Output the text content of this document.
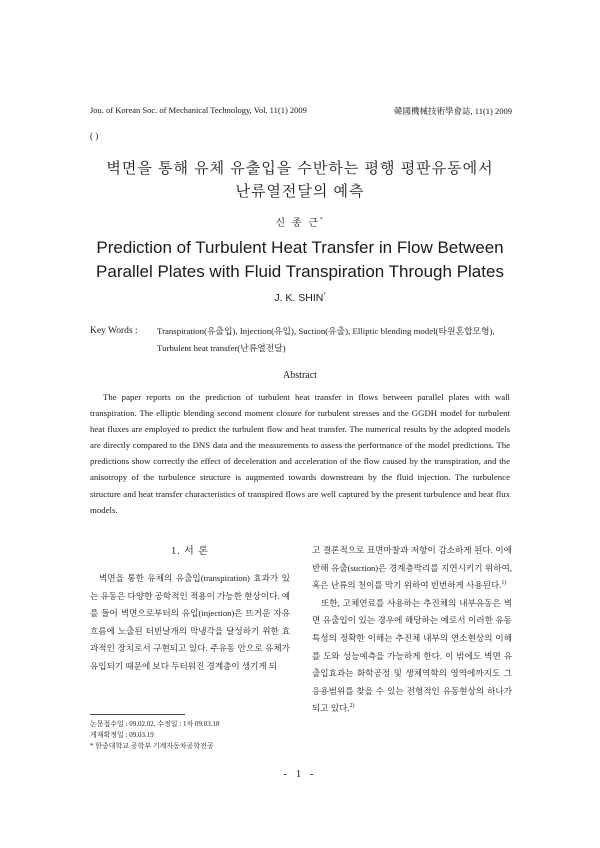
Jou. of Korean Soc. of Mechanical Technology, Vol. 11(1) 2009	韓國機械技術學會誌, 11(1) 2009
( )
벽면을 통해 유체 유출입을 수반하는 평행 평판유동에서
난류열전달의 예측
신 종 근*
Prediction of Turbulent Heat Transfer in Flow Between
Parallel Plates with Fluid Transpiration Through Plates
J. K. SHIN*
Key Words : Transpiration(유출입), Injection(유입), Suction(유출), Elliptic blending model(타원혼합모형), Turbulent heat transfer(난류열전달)
Abstract
The paper reports on the prediction of turbulent heat transfer in flows between parallel plates with wall transpiration. The elliptic blending second moment closure for turbulent stresses and the GGDH model for turbulent heat fluxes are employed to predict the turbulent flow and heat transfer. The numerical results by the adopted models are directly compared to the DNS data and the measurements to assess the performance of the model predictions. The predictions show correctly the effect of deceleration and acceleration of the flow caused by the transpiration, and the anisotropy of the turbulence structure is augmented towards downstream by the fluid injection. The turbulence structure and heat transfer characteristics of transpired flows are well captured by the present turbulence and heat flux models.
1. 서 론
벽면을 통한 유체의 유출입(transpiration) 효과가 있는 유동은 다양한 공학적인 적용이 가능한 현상이다. 예를 들어 벽면으로부터의 유입(injection)은 뜨거운 자유흐름에 노출된 터빈날개의 막냉각을 달성하기 위한 효과적인 장치로서 구현되고 있다. 주유동 안으로 유체가 유입되기 때문에 보다 두터워진 경계층이 생기게 되

고 결론적으로 표면마찰과 저항이 감소하게 된다. 이에 반해 유출(suction)은 경계층박리를 지연시키기 위하여, 혹은 난류의 천이를 막기 위하여 빈번하게 사용된다.$^{1)}$

또한, 고체연료를 사용하는 추진체의 내부유동은 벽면 유출입이 있는 경우에 해당하는 예로서 이러한 유동특성의 정확한 이해는 추진체 내부의 연소현상의 이해를 도와 성능예측을 가능하게 한다. 이 밖에도 벽면 유출입효과는 화학공정 및 생체역학의 영역에까지도 그 응용범위를 찾을 수 있는 전형적인 유동현상의 하나가 되고 있다.$^{2)}$

논문접수일 : 09.02.02, 수정일 : 1차 09.03.18
게재확정일 : 09.03.19
* 한중대학교 공학부 기계자동차공학전공
- 1 -
